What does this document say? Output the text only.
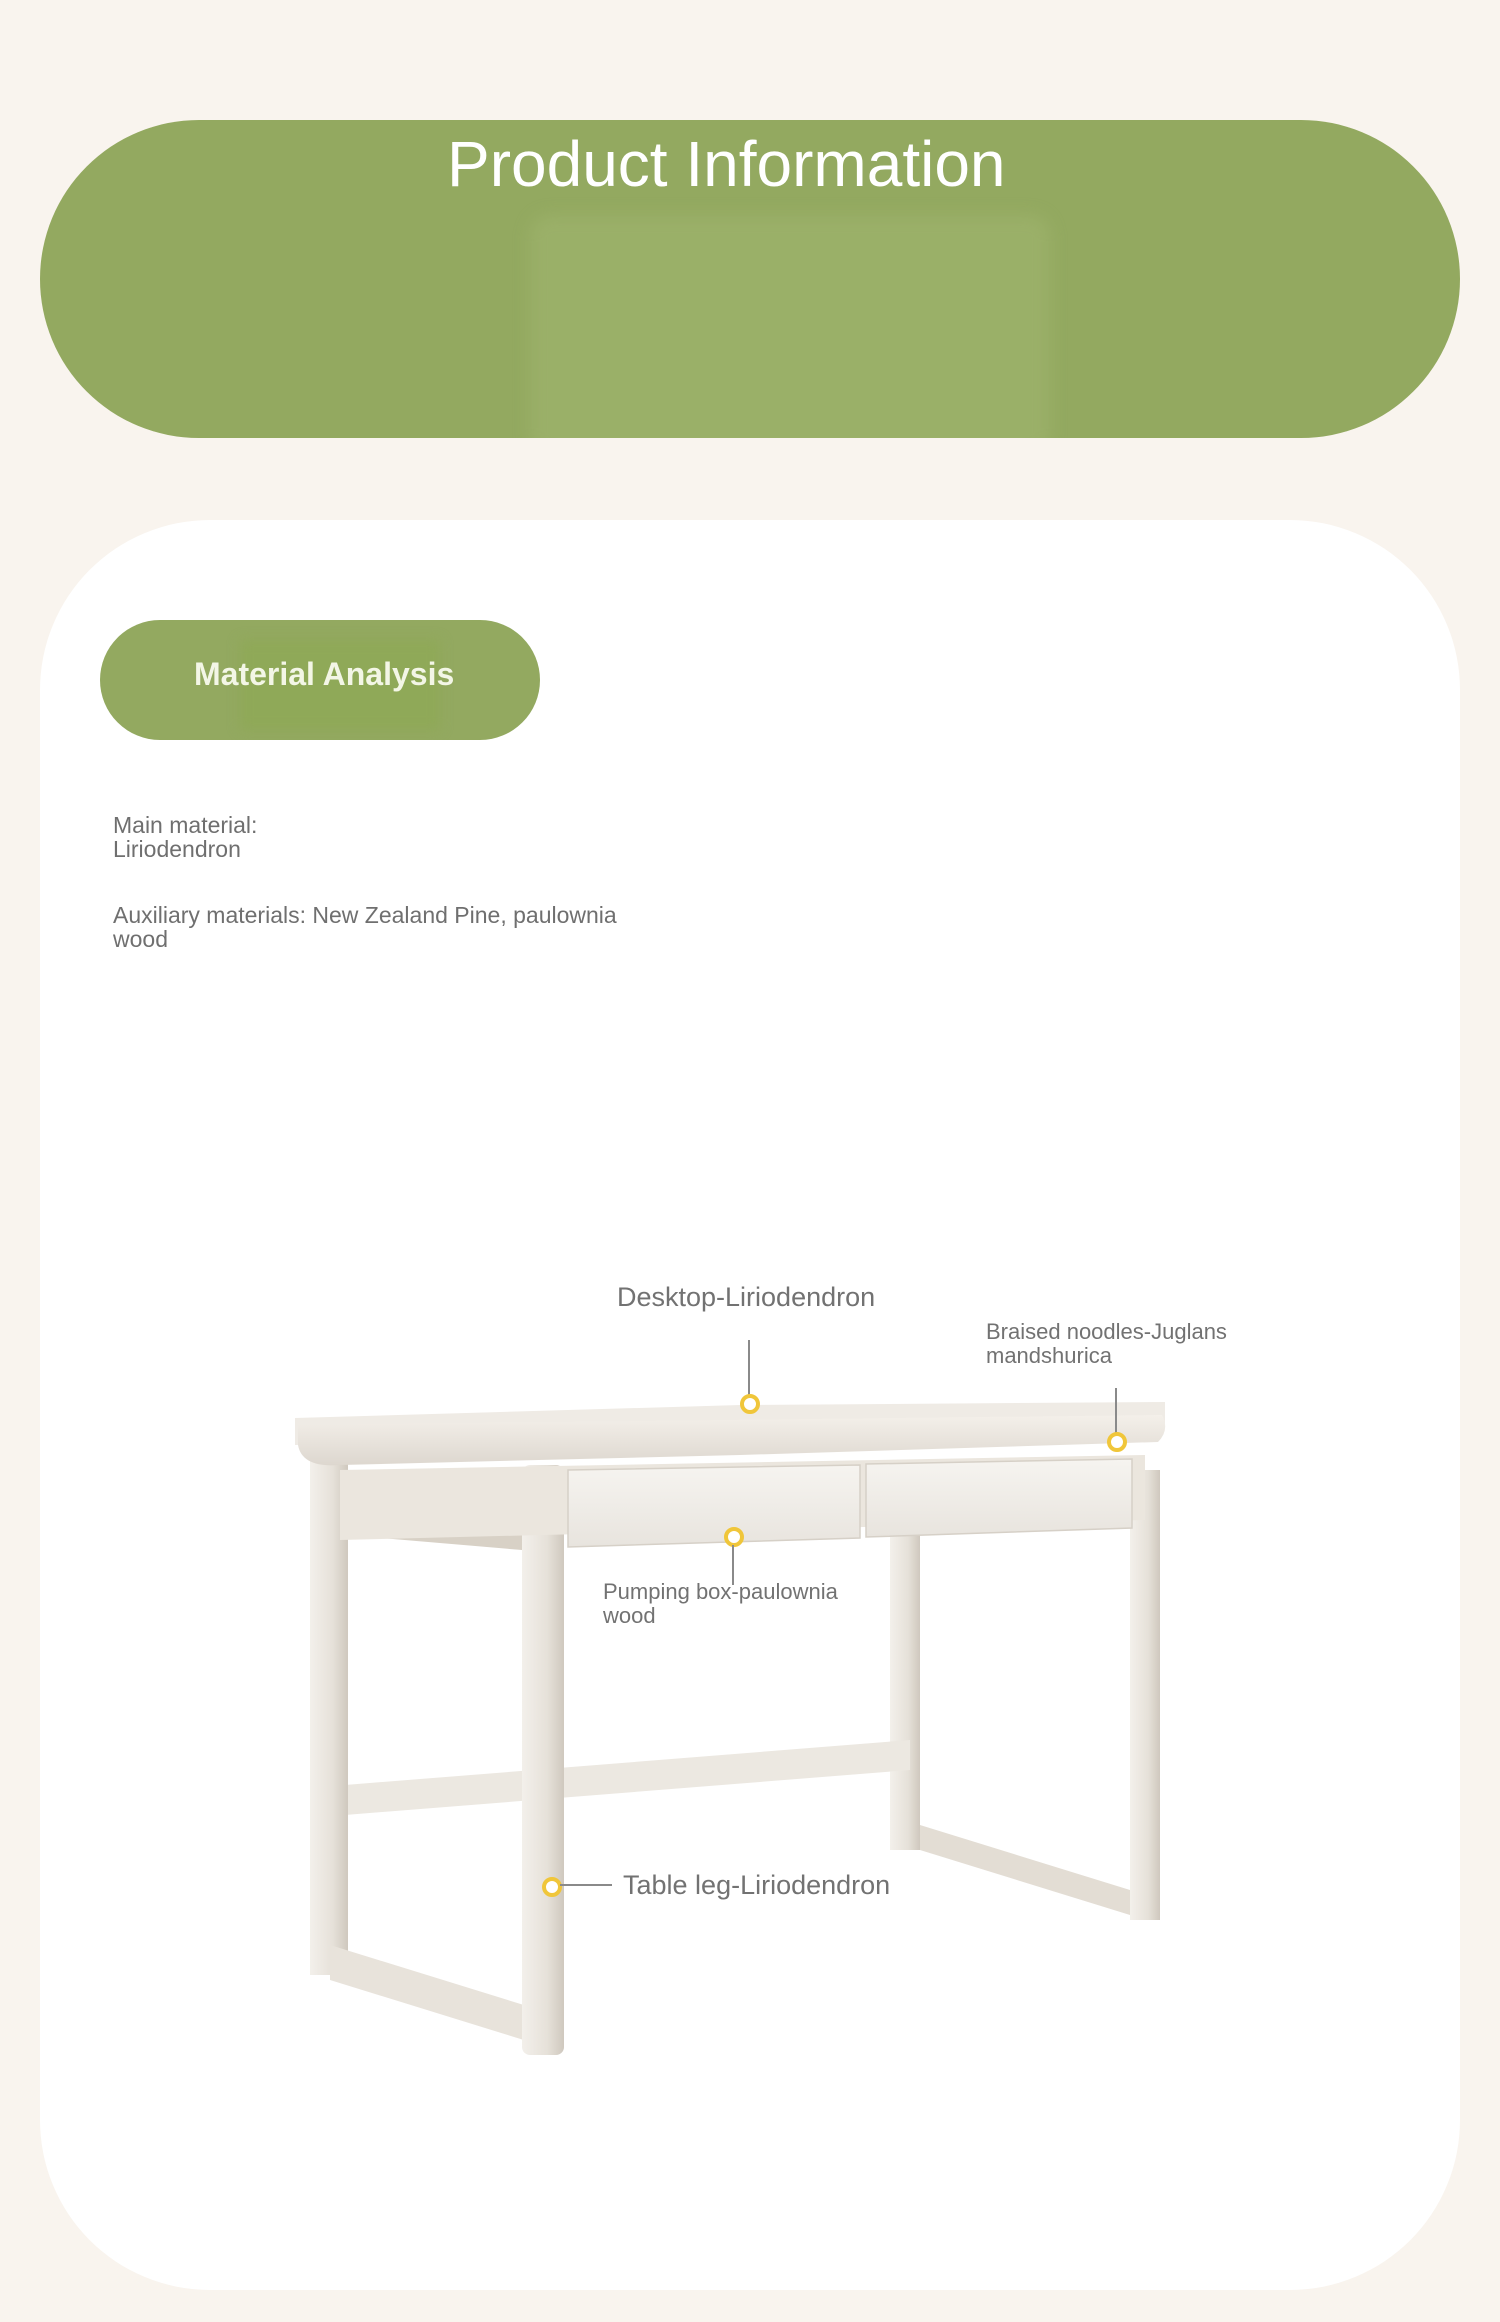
Product Information
Material Analysis

Main material: Liriodendron

Auxiliary materials: New Zealand Pine, paulownia wood

Desktop-Liriodendron

Braised noodles-Juglans mandshurica

Pumping box-paulownia wood

Table leg-Liriodendron
